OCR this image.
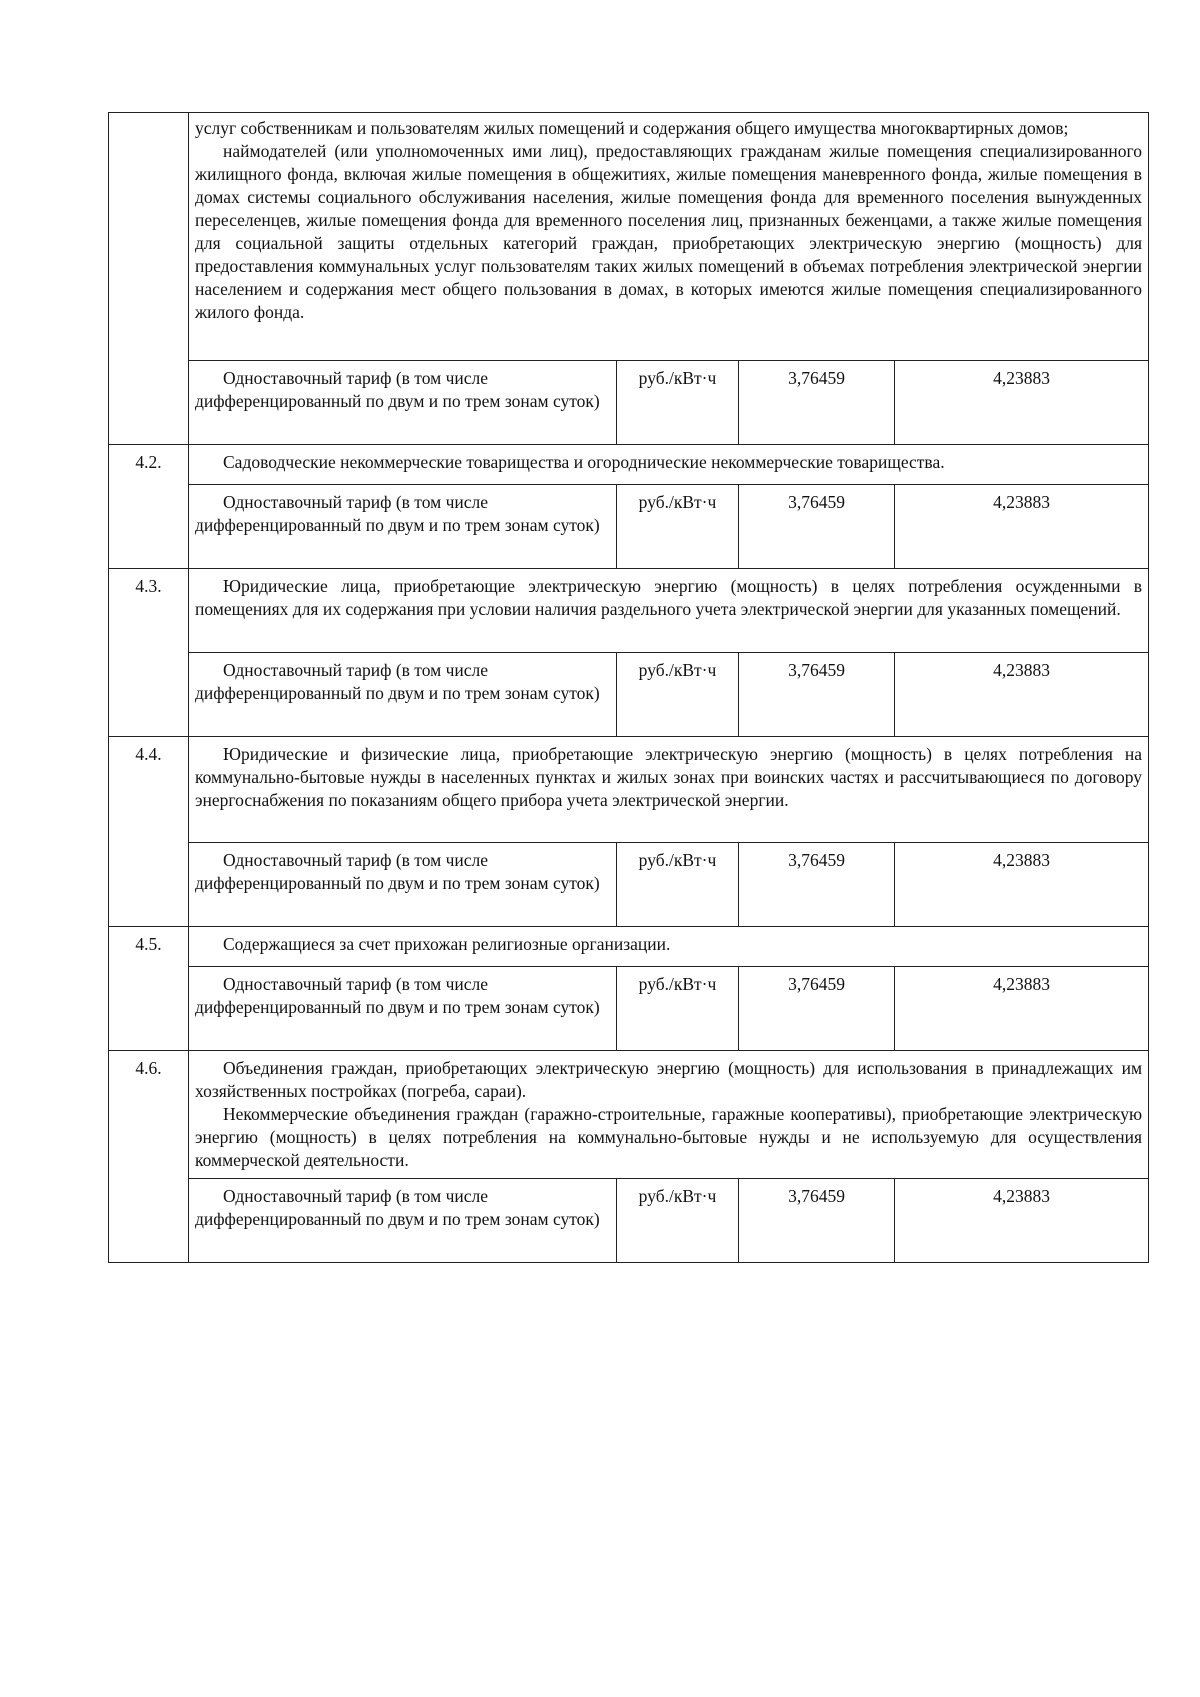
	услуг собственникам и пользователям жилых помещений и содержания общего имущества многоквартирных домов;

наймодателей (или уполномоченных ими лиц), предоставляющих гражданам жилые помещения специализированного жилищного фонда, включая жилые помещения в общежитиях, жилые помещения маневренного фонда, жилые помещения в домах системы социального обслуживания населения, жилые помещения фонда для временного поселения вынужденных переселенцев, жилые помещения фонда для временного поселения лиц, признанных беженцами, а также жилые помещения для социальной защиты отдельных категорий граждан, приобретающих электрическую энергию (мощность) для предоставления коммунальных услуг пользователям таких жилых помещений в объемах потребления электрической энергии населением и содержания мест общего пользования в домах, в которых имеются жилые помещения специализированного жилого фонда.			

	Одноставочный тариф (в том числе дифференцированный по двум и по трем зонам суток)	руб./кВт·ч	3,76459	4,23883
4.2.	Садоводческие некоммерческие товарищества и огороднические некоммерческие товарищества.			

	Одноставочный тариф (в том числе дифференцированный по двум и по трем зонам суток)	руб./кВт·ч	3,76459	4,23883
4.3.	Юридические лица, приобретающие электрическую энергию (мощность) в целях потребления осужденными в помещениях для их содержания при условии наличия раздельного учета электрической энергии для указанных помещений.			

	Одноставочный тариф (в том числе дифференцированный по двум и по трем зонам суток)	руб./кВт·ч	3,76459	4,23883
4.4.	Юридические и физические лица, приобретающие электрическую энергию (мощность) в целях потребления на коммунально-бытовые нужды в населенных пунктах и жилых зонах при воинских частях и рассчитывающиеся по договору энергоснабжения по показаниям общего прибора учета электрической энергии.			

	Одноставочный тариф (в том числе дифференцированный по двум и по трем зонам суток)	руб./кВт·ч	3,76459	4,23883
4.5.	Содержащиеся за счет прихожан религиозные организации.			

	Одноставочный тариф (в том числе дифференцированный по двум и по трем зонам суток)	руб./кВт·ч	3,76459	4,23883
4.6.	Объединения граждан, приобретающих электрическую энергию (мощность) для использования в принадлежащих им хозяйственных постройках (погреба, сараи).

Некоммерческие объединения граждан (гаражно-строительные, гаражные кооперативы), приобретающие электрическую энергию (мощность) в целях потребления на коммунально-бытовые нужды и не используемую для осуществления коммерческой деятельности.			

	Одноставочный тариф (в том числе дифференцированный по двум и по трем зонам суток)	руб./кВт·ч	3,76459	4,23883
